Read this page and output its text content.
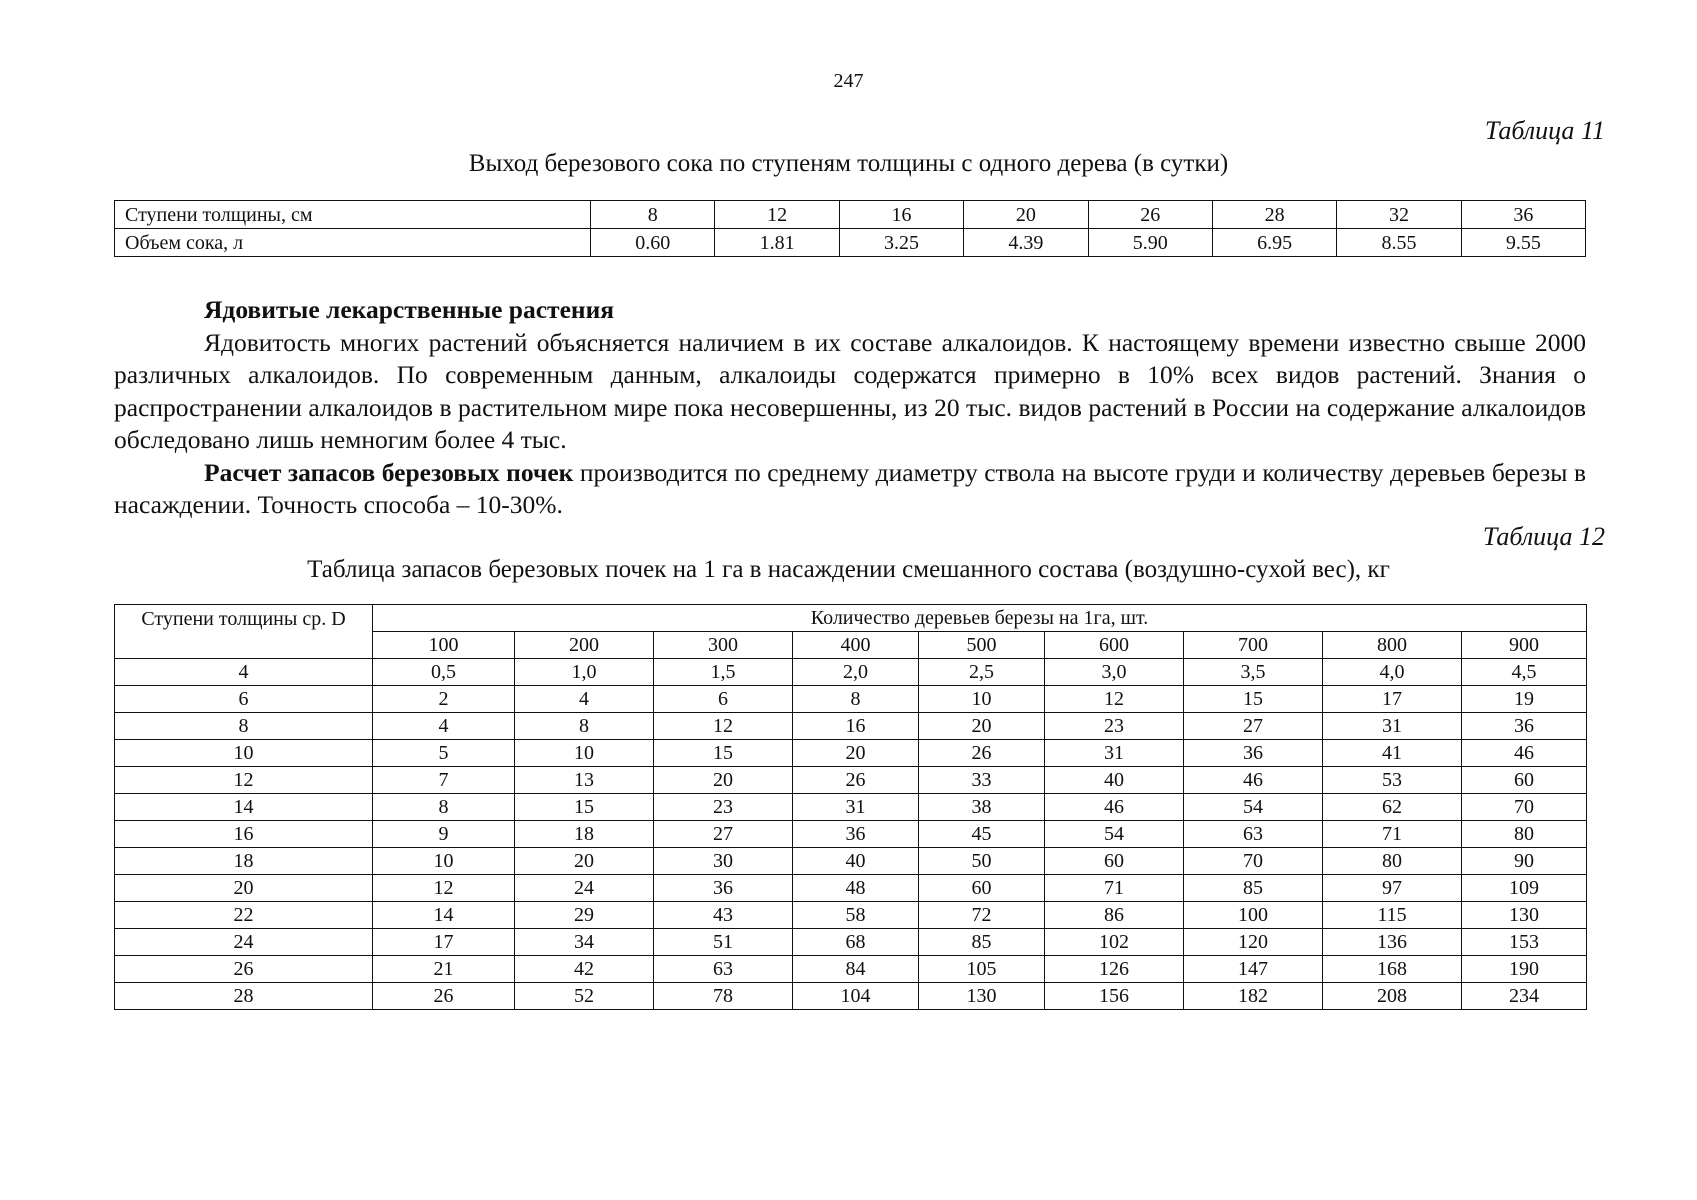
247
Таблица 11
Выход березового сока по ступеням толщины с одного дерева (в сутки)
Ступени толщины, см	8	12	16	20	26	28	32	36
Объем сока, л	0.60	1.81	3.25	4.39	5.90	6.95	8.55	9.55
Ядовитые лекарственные растения
Ядовитость многих растений объясняется наличием в их составе алкалоидов. К настоящему времени известно свыше 2000 различных алкалоидов. По современным данным, алкалоиды содержатся примерно в 10% всех видов растений. Знания о распространении алкалоидов в растительном мире пока несовершенны, из 20 тыс. видов растений в России на содержание алкалоидов обследовано лишь немногим более 4 тыс.
Расчет запасов березовых почек производится по среднему диаметру ствола на высоте груди и количеству деревьев березы в насаждении. Точность способа – 10-30%.
Таблица 12
Таблица запасов березовых почек на 1 га в насаждении смешанного состава (воздушно-сухой вес), кг
Ступени толщины ср. D	Количество деревьев березы на 1га, шт.								
	100	200	300	400	500	600	700	800	900
4	0,5	1,0	1,5	2,0	2,5	3,0	3,5	4,0	4,5
6	2	4	6	8	10	12	15	17	19
8	4	8	12	16	20	23	27	31	36
10	5	10	15	20	26	31	36	41	46
12	7	13	20	26	33	40	46	53	60
14	8	15	23	31	38	46	54	62	70
16	9	18	27	36	45	54	63	71	80
18	10	20	30	40	50	60	70	80	90
20	12	24	36	48	60	71	85	97	109
22	14	29	43	58	72	86	100	115	130
24	17	34	51	68	85	102	120	136	153
26	21	42	63	84	105	126	147	168	190
28	26	52	78	104	130	156	182	208	234
